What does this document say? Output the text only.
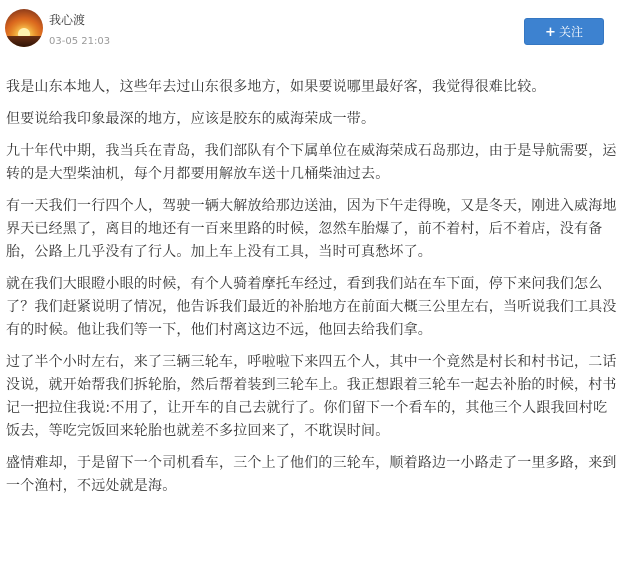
我心渡
03-05 21:03
+ 关注

我是山东本地人，这些年去过山东很多地方，如果要说哪里最好客，我觉得很难比较。

但要说给我印象最深的地方，应该是胶东的威海荣成一带。

九十年代中期，我当兵在青岛，我们部队有个下属单位在威海荣成石岛那边，由于是导航需要，运转的是大型柴油机，每个月都要用解放车送十几桶柴油过去。

有一天我们一行四个人，驾驶一辆大解放给那边送油，因为下午走得晚，又是冬天，刚进入威海地界天已经黑了，离目的地还有一百来里路的时候，忽然车胎爆了，前不着村，后不着店，没有备胎，公路上几乎没有了行人。加上车上没有工具，当时可真愁坏了。

就在我们大眼瞪小眼的时候，有个人骑着摩托车经过，看到我们站在车下面，停下来问我们怎么了？我们赶紧说明了情况，他告诉我们最近的补胎地方在前面大概三公里左右，当听说我们工具没有的时候。他让我们等一下，他们村离这边不远，他回去给我们拿。

过了半个小时左右，来了三辆三轮车，呼啦啦下来四五个人，其中一个竟然是村长和村书记，二话没说，就开始帮我们拆轮胎，然后帮着装到三轮车上。我正想跟着三轮车一起去补胎的时候，村书记一把拉住我说:不用了，让开车的自己去就行了。你们留下一个看车的，其他三个人跟我回村吃饭去，等吃完饭回来轮胎也就差不多拉回来了，不耽误时间。

盛情难却，于是留下一个司机看车，三个上了他们的三轮车，顺着路边一小路走了一里多路，来到一个渔村，不远处就是海。
